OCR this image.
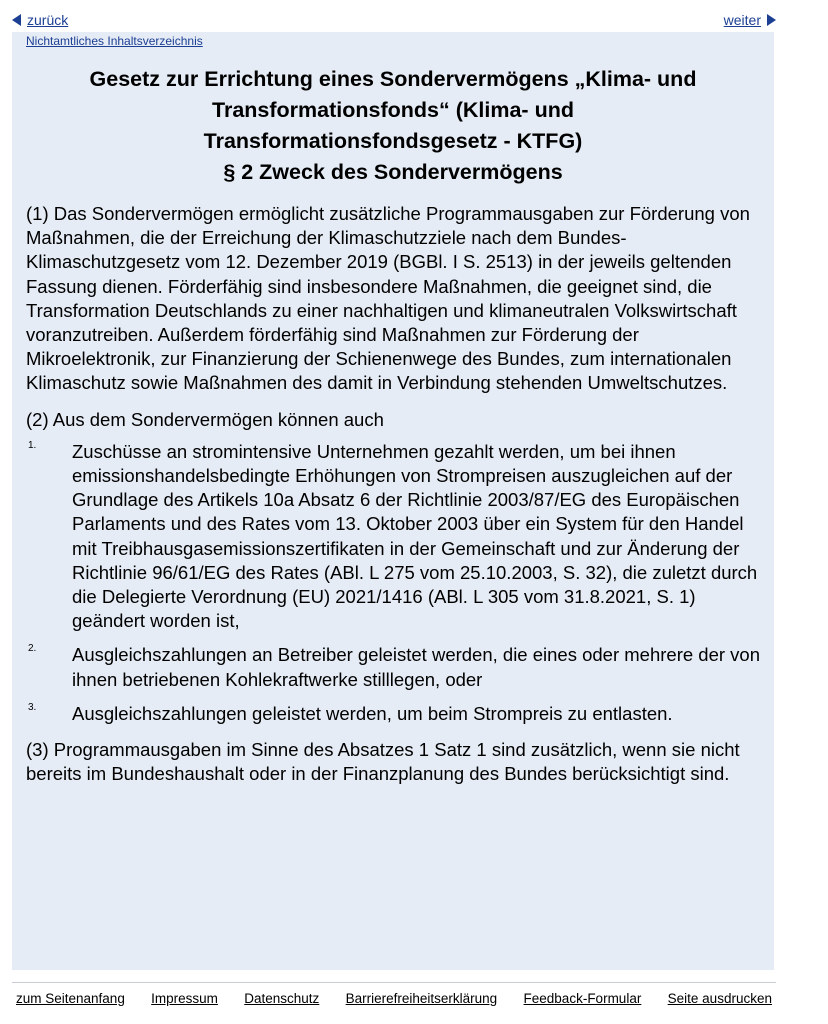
zurück	weiter
Nichtamtliches Inhaltsverzeichnis
Gesetz zur Errichtung eines Sondervermögens „Klima- und
Transformationsfonds“ (Klima- und
Transformationsfondsgesetz - KTFG)
§ 2 Zweck des Sondervermögens

(1) Das Sondervermögen ermöglicht zusätzliche Programmausgaben zur Förderung von Maßnahmen, die der Erreichung der Klimaschutzziele nach dem Bundes-Klimaschutzgesetz vom 12. Dezember 2019 (BGBl. I S. 2513) in der jeweils geltenden Fassung dienen. Förderfähig sind insbesondere Maßnahmen, die geeignet sind, die Transformation Deutschlands zu einer nachhaltigen und klimaneutralen Volkswirtschaft voranzutreiben. Außerdem förderfähig sind Maßnahmen zur Förderung der Mikroelektronik, zur Finanzierung der Schienenwege des Bundes, zum internationalen Klimaschutz sowie Maßnahmen des damit in Verbindung stehenden Umweltschutzes.

(2) Aus dem Sondervermögen können auch

1. Zuschüsse an stromintensive Unternehmen gezahlt werden, um bei ihnen emissionshandelsbedingte Erhöhungen von Strompreisen auszugleichen auf der Grundlage des Artikels 10a Absatz 6 der Richtlinie 2003/87/EG des Europäischen Parlaments und des Rates vom 13. Oktober 2003 über ein System für den Handel mit Treibhausgasemissionszertifikaten in der Gemeinschaft und zur Änderung der Richtlinie 96/61/EG des Rates (ABl. L 275 vom 25.10.2003, S. 32), die zuletzt durch die Delegierte Verordnung (EU) 2021/1416 (ABl. L 305 vom 31.8.2021, S. 1) geändert worden ist,
2. Ausgleichszahlungen an Betreiber geleistet werden, die eines oder mehrere der von ihnen betriebenen Kohlekraftwerke stilllegen, oder
3. Ausgleichszahlungen geleistet werden, um beim Strompreis zu entlasten.

(3) Programmausgaben im Sinne des Absatzes 1 Satz 1 sind zusätzlich, wenn sie nicht bereits im Bundeshaushalt oder in der Finanzplanung des Bundes berücksichtigt sind.

zum Seitenanfang Impressum Datenschutz Barrierefreiheitserklärung Feedback-Formular Seite ausdrucken
